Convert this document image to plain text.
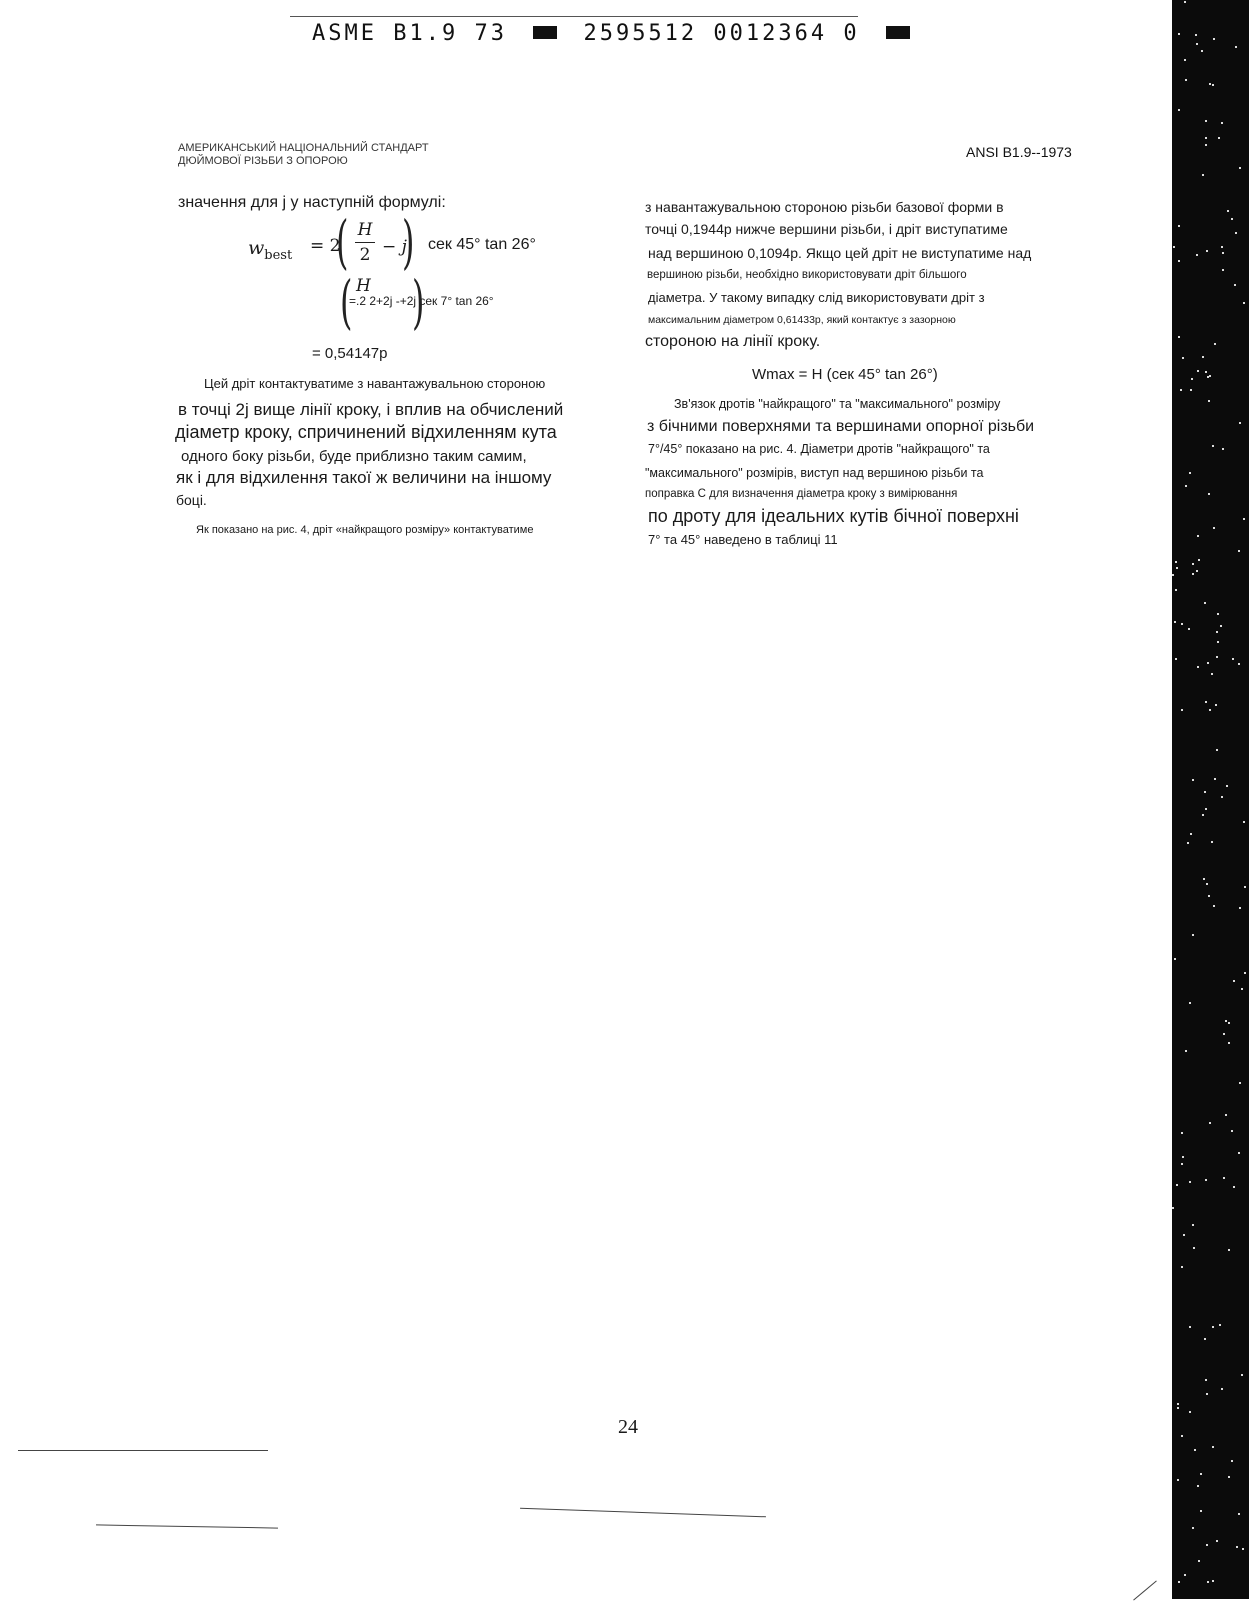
ASME B1.9 73	2595512 0012364 0
АМЕРИКАНСЬКИЙ НАЦІОНАЛЬНИЙ СТАНДАРТ
ДЮЙМОВОЇ РІЗЬБИ З ОПОРОЮ
ANSI B1.9--1973
значення для j у наступній формулі:
$w_{best} = 2$
( H
2 − j
) сек 45° tan 26°
( H
=.2 2+2j -+2j сек 7° tan 26°
)
= 0,54147p
Цей дріт контактуватиме з навантажувальною стороною
в точці 2j вище лінії кроку, і вплив на обчислений
діаметр кроку, спричинений відхиленням кута
одного боку різьби, буде приблизно таким самим,
як і для відхилення такої ж величини на іншому
боці.
Як показано на рис. 4, дріт «найкращого розміру» контактуватиме
з навантажувальною стороною різьби базової форми в
точці 0,1944p нижче вершини різьби, і дріт виступатиме
над вершиною 0,1094p. Якщо цей дріт не виступатиме над
вершиною різьби, необхідно використовувати дріт більшого
діаметра. У такому випадку слід використовувати дріт з
максимальним діаметром 0,61433p, який контактує з зазорною
стороною на лінії кроку.
Wmax = H (сек 45° tan 26°)
Зв'язок дротів "найкращого" та "максимального" розміру
з бічними поверхнями та вершинами опорної різьби
7°/45° показано на рис. 4. Діаметри дротів "найкращого" та
"максимального" розмірів, виступ над вершиною різьби та
поправка C для визначення діаметра кроку з вимірювання
по дроту для ідеальних кутів бічної поверхні
7° та 45° наведено в таблиці 11
24
